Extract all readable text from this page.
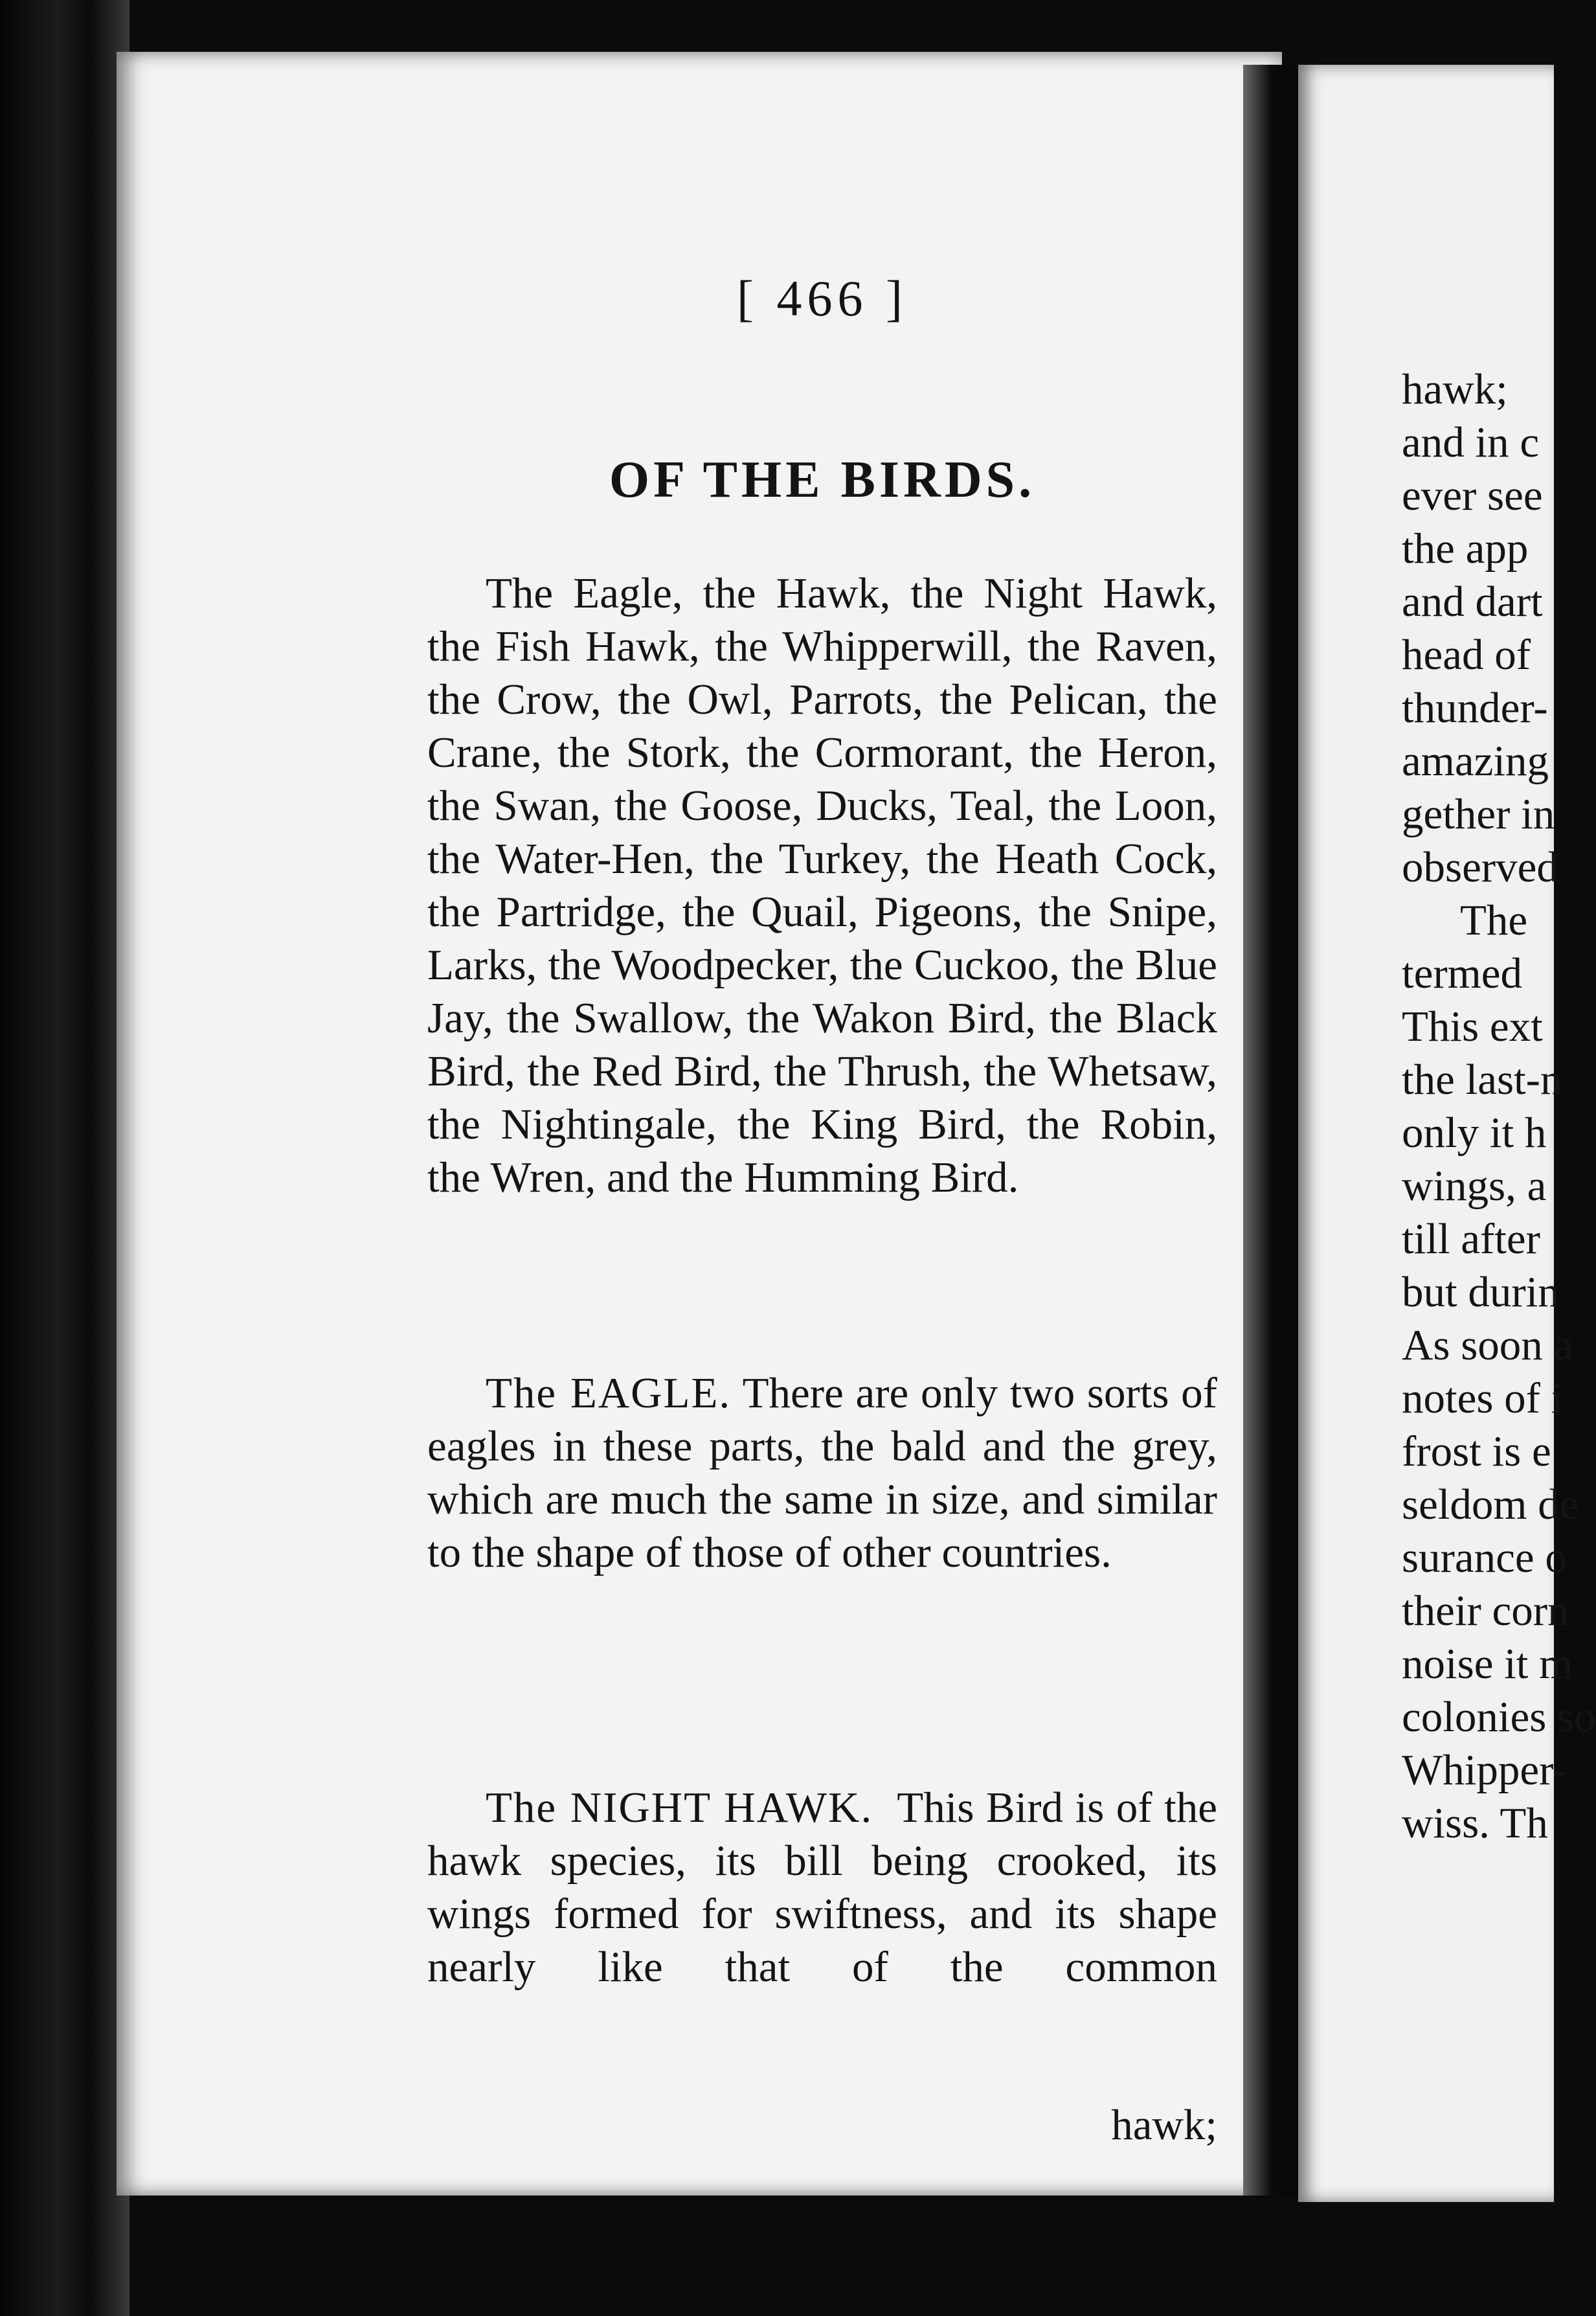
[ 466 ]
OF THE BIRDS.

The Eagle, the Hawk, the Night Hawk, the Fish Hawk, the Whipperwill, the Raven, the Crow, the Owl, Parrots, the Pelican, the Crane, the Stork, the Cormorant, the Heron, the Swan, the Goose, Ducks, Teal, the Loon, the Water-Hen, the Turkey, the Heath Cock, the Partridge, the Quail, Pigeons, the Snipe, Larks, the Woodpecker, the Cuckoo, the Blue Jay, the Swallow, the Wakon Bird, the Black Bird, the Red Bird, the Thrush, the Whetsaw, the Nightingale, the King Bird, the Robin, the Wren, and the Humming Bird.

The EAGLE. There are only two sorts of eagles in these parts, the bald and the grey, which are much the same in size, and similar to the shape of those of other countries.

The NIGHT HAWK. This Bird is of the hawk species, its bill being crooked, its wings formed for swiftness, and its shape nearly like that of the common

hawk;
hawk;
and in c
ever see
the app
and dart
head of
thunder-
amazing
gether in
observed
The
termed
This ext
the last-n
only it h
wings, a
till after
but durin
As soon a
notes of i
frost is e
seldom de
surance o
their corn
noise it m
colonies so
Whipper-
wiss. Th
